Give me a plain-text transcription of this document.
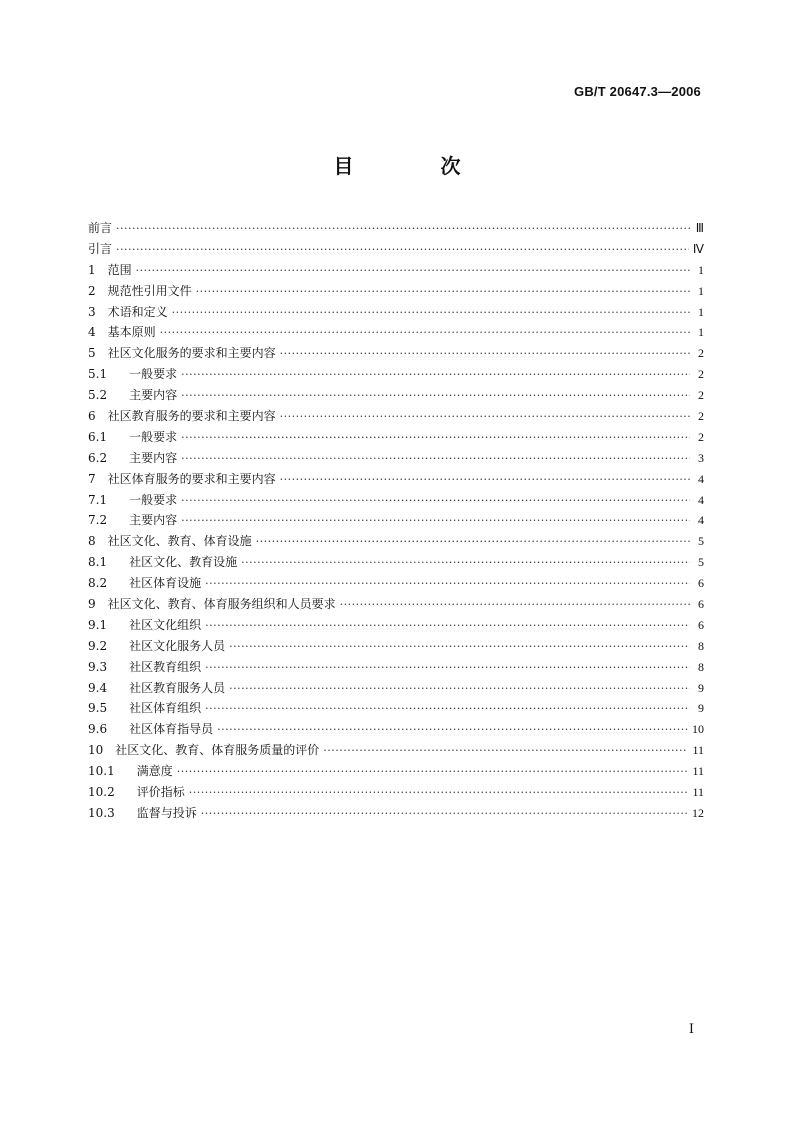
GB/T 20647.3—2006
目 次
前言 ·····	Ⅲ
引言 ·····	Ⅳ
1 范围 ·····	1
2 规范性引用文件 ·····	1
3 术语和定义 ·····	1
4 基本原则 ·····	1
5 社区文化服务的要求和主要内容 ·····	2
5.1 一般要求 ·····	2
5.2 主要内容 ·····	2
6 社区教育服务的要求和主要内容 ·····	2
6.1 一般要求 ·····	2
6.2 主要内容 ·····	3
7 社区体育服务的要求和主要内容 ·····	4
7.1 一般要求 ·····	4
7.2 主要内容 ·····	4
8 社区文化、教育、体育设施 ·····	5
8.1 社区文化、教育设施 ·····	5
8.2 社区体育设施 ·····	6
9 社区文化、教育、体育服务组织和人员要求 ·····	6
9.1 社区文化组织 ·····	6
9.2 社区文化服务人员 ·····	8
9.3 社区教育组织 ·····	8
9.4 社区教育服务人员 ·····	9
9.5 社区体育组织 ·····	9
9.6 社区体育指导员 ·····	10
10 社区文化、教育、体育服务质量的评价 ·····	11
10.1 满意度 ·····	11
10.2 评价指标 ·····	11
10.3 监督与投诉 ·····	12
I
